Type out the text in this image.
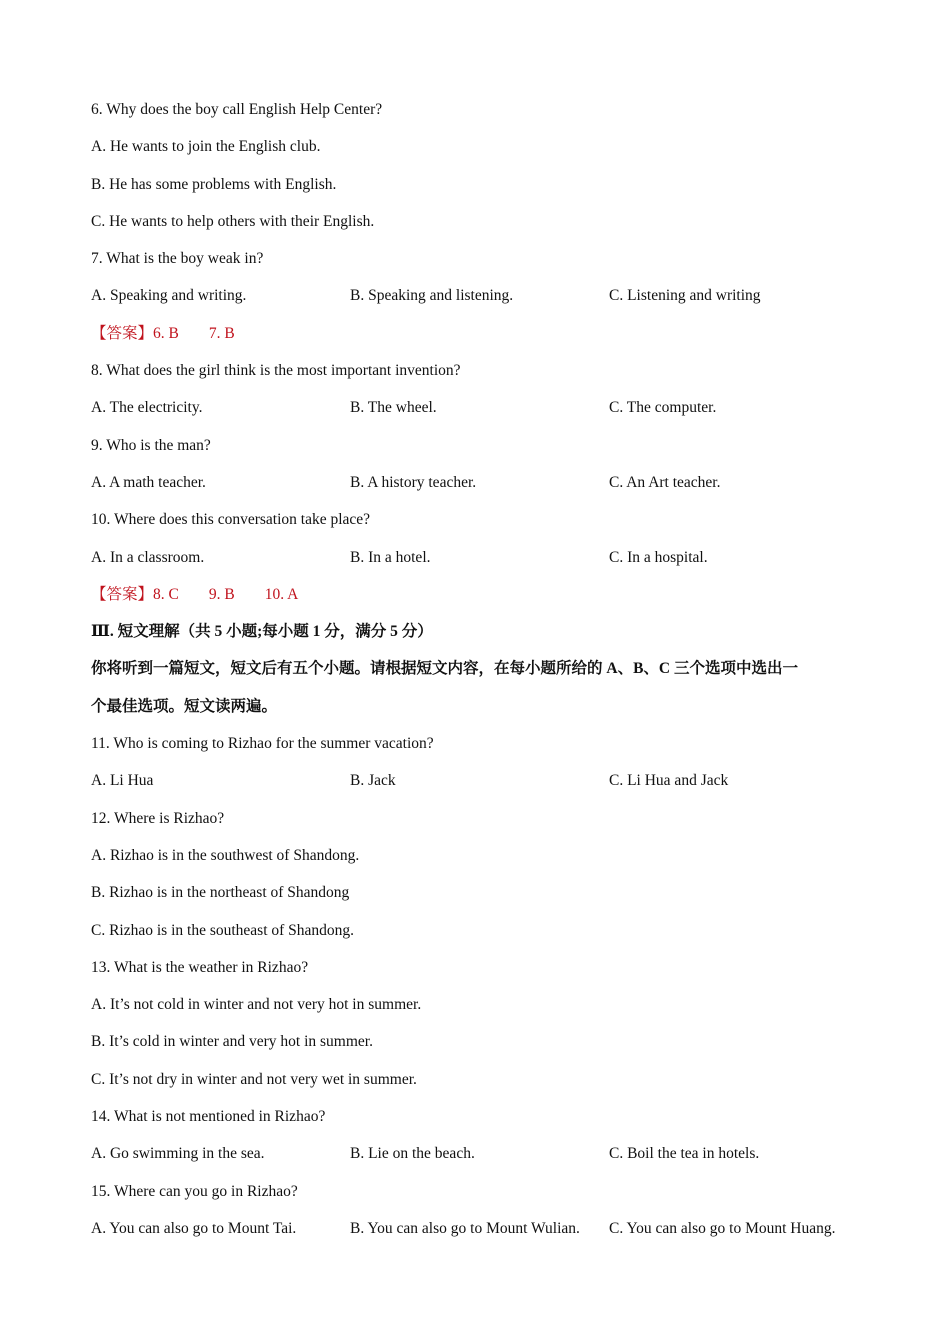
6. Why does the boy call English Help Center?
A. He wants to join the English club.
B. He has some problems with English.
C. He wants to help others with their English.
7. What is the boy weak in?
A. Speaking and writing.	B. Speaking and listening.	C. Listening and writing
【答案】6. B 7. B
8. What does the girl think is the most important invention?
A. The electricity.	B. The wheel.	C. The computer.
9. Who is the man?
A. A math teacher.	B. A history teacher.	C. An Art teacher.
10. Where does this conversation take place?
A. In a classroom.	B. In a hotel.	C. In a hospital.
【答案】8. C 9. B 10. A
Ⅲ. 短文理解（共 5 小题;每小题 1 分，满分 5 分）
你将听到一篇短文，短文后有五个小题。请根据短文内容，在每小题所给的 A、B、C 三个选项中选出一
个最佳选项。短文读两遍。
11. Who is coming to Rizhao for the summer vacation?
A. Li Hua	B. Jack	C. Li Hua and Jack
12. Where is Rizhao?
A. Rizhao is in the southwest of Shandong.
B. Rizhao is in the northeast of Shandong
C. Rizhao is in the southeast of Shandong.
13. What is the weather in Rizhao?
A. It’s not cold in winter and not very hot in summer.
B. It’s cold in winter and very hot in summer.
C. It’s not dry in winter and not very wet in summer.
14. What is not mentioned in Rizhao?
A. Go swimming in the sea.	B. Lie on the beach.	C. Boil the tea in hotels.
15. Where can you go in Rizhao?
A. You can also go to Mount Tai.	B. You can also go to Mount Wulian. C. You can also go to Mount Huang.
